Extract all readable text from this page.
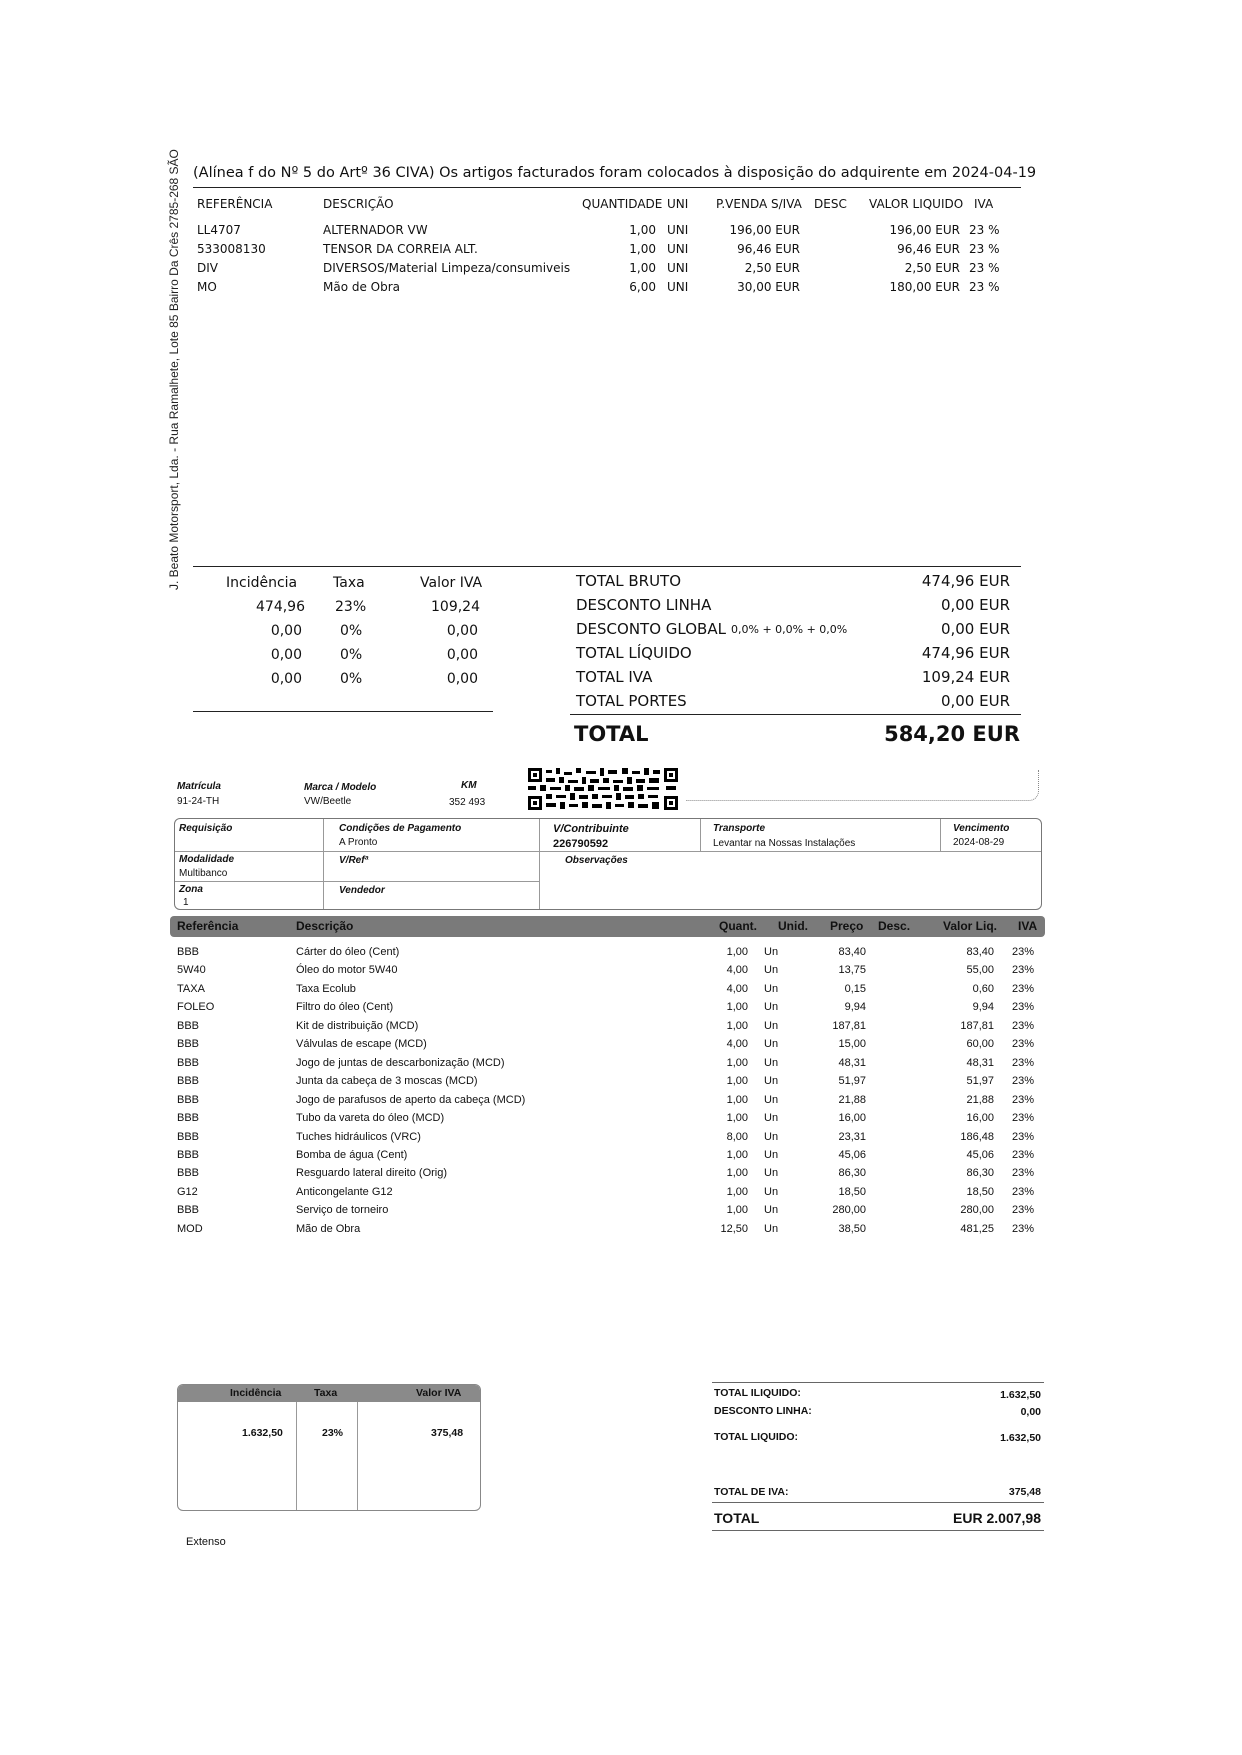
J. Beato Motorsport, Lda. - Rua Ramalhete, Lote 85 Bairro Da Crês 2785-268 SÃO (Alínea f do Nº 5 do Artº 36 CIVA) Os artigos facturados foram colocados à disposição do adquirente em 2024-04-19
REFERÊNCIA	DESCRIÇÃO	QUANTIDADE UNI P.VENDA S/IVA DESC VALOR LIQUIDO IVA
LL4707	ALTERNADOR VW	1,00 UNI	196,00 EUR	196,00 EUR 23 %
533008130	TENSOR DA CORREIA ALT.	1,00 UNI	96,46 EUR	96,46 EUR 23 %
DIV	DIVERSOS/Material Limpeza/consumiveis	1,00 UNI	2,50 EUR	2,50 EUR 23 %
MO	Mão de Obra	6,00 UNI	30,00 EUR	180,00 EUR 23 %
Incidência	Taxa	Valor IVA
474,96 23%	109,24
0,00	0%	0,00
0,00	0%	0,00
0,00	0%	0,00
TOTAL BRUTO	474,96 EUR
DESCONTO LINHA	0,00 EUR
DESCONTO GLOBAL 0,0% + 0,0% + 0,0%	0,00 EUR
TOTAL LÍQUIDO	474,96 EUR
TOTAL IVA	109,24 EUR
TOTAL PORTES	0,00 EUR
TOTAL	584,20 EUR
Matrícula
91-24-TH
Marca / Modelo
VW/Beetle
KM
352 493
Requisição	Condições de Pagamento
A Pronto
V/Contribuinte
226790592
Transporte
Levantar na Nossas Instalações
Vencimento
2024-08-29
Modalidade
Multibanco
V/Refª	Observações
Zona
1
Vendedor
Referência	Descrição	Quant. Unid. Preço Desc.	Valor Liq. IVA
BBB	Cárter do óleo (Cent)	1,00 Un	83,40	83,40 23%
5W40	Óleo do motor 5W40	4,00 Un	13,75	55,00 23%
TAXA	Taxa Ecolub	4,00 Un	0,15	0,60 23%
FOLEO	Filtro do óleo (Cent)	1,00 Un	9,94	9,94 23%
BBB	Kit de distribuição (MCD)	1,00 Un	187,81	187,81 23%
BBB	Válvulas de escape (MCD)	4,00 Un	15,00	60,00 23%
BBB	Jogo de juntas de descarbonização (MCD)	1,00 Un	48,31	48,31 23%
BBB	Junta da cabeça de 3 moscas (MCD)	1,00 Un	51,97	51,97 23%
BBB	Jogo de parafusos de aperto da cabeça (MCD)	1,00 Un	21,88	21,88 23%
BBB	Tubo da vareta do óleo (MCD)	1,00 Un	16,00	16,00 23%
BBB	Tuches hidráulicos (VRC)	8,00 Un	23,31	186,48 23%
BBB	Bomba de água (Cent)	1,00 Un	45,06	45,06 23%
BBB	Resguardo lateral direito (Orig)	1,00 Un	86,30	86,30 23%
G12	Anticongelante G12	1,00 Un	18,50	18,50 23%
BBB	Serviço de torneiro	1,00 Un	280,00	280,00 23%
MOD	Mão de Obra	12,50 Un	38,50	481,25 23%
Incidência	Taxa	Valor IVA
1.632,50	23%	375,48
TOTAL ILIQUIDO:	1.632,50
DESCONTO LINHA:	0,00
TOTAL LIQUIDO:	1.632,50
TOTAL DE IVA:	375,48
TOTAL	EUR 2.007,98
Extenso
